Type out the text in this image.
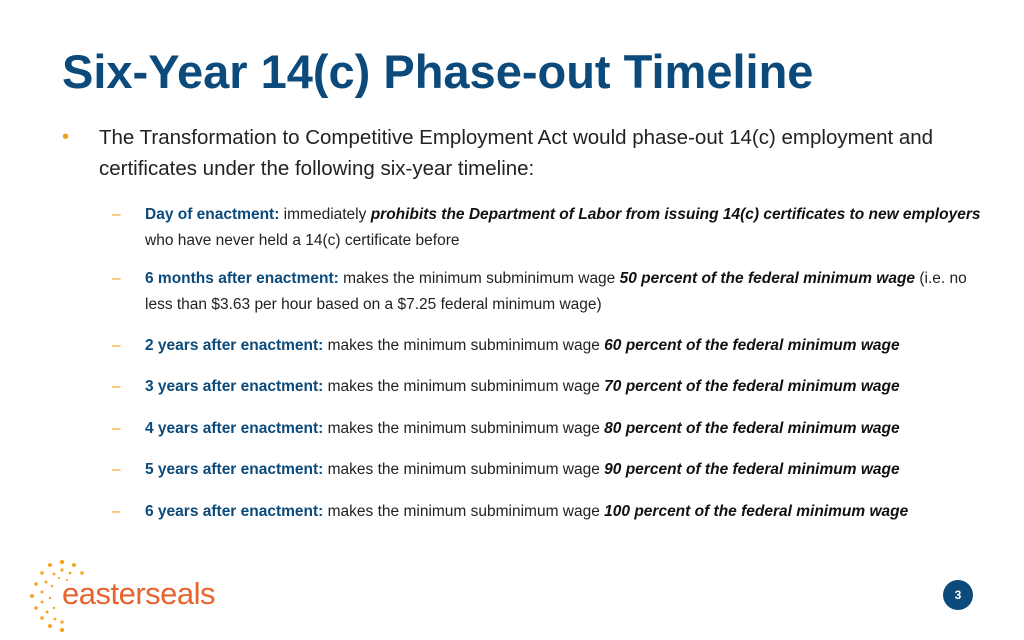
Six-Year 14(c) Phase-out Timeline
• The Transformation to Competitive Employment Act would phase-out 14(c) employment and certificates under the following six-year timeline:
– Day of enactment: immediately prohibits the Department of Labor from issuing 14(c) certificates to new employers who have never held a 14(c) certificate before
– 6 months after enactment: makes the minimum subminimum wage 50 percent of the federal minimum wage (i.e. no less than $3.63 per hour based on a $7.25 federal minimum wage)
– 2 years after enactment: makes the minimum subminimum wage 60 percent of the federal minimum wage
– 3 years after enactment: makes the minimum subminimum wage 70 percent of the federal minimum wage
– 4 years after enactment: makes the minimum subminimum wage 80 percent of the federal minimum wage
– 5 years after enactment: makes the minimum subminimum wage 90 percent of the federal minimum wage
– 6 years after enactment: makes the minimum subminimum wage 100 percent of the federal minimum wage
easterseals	3
